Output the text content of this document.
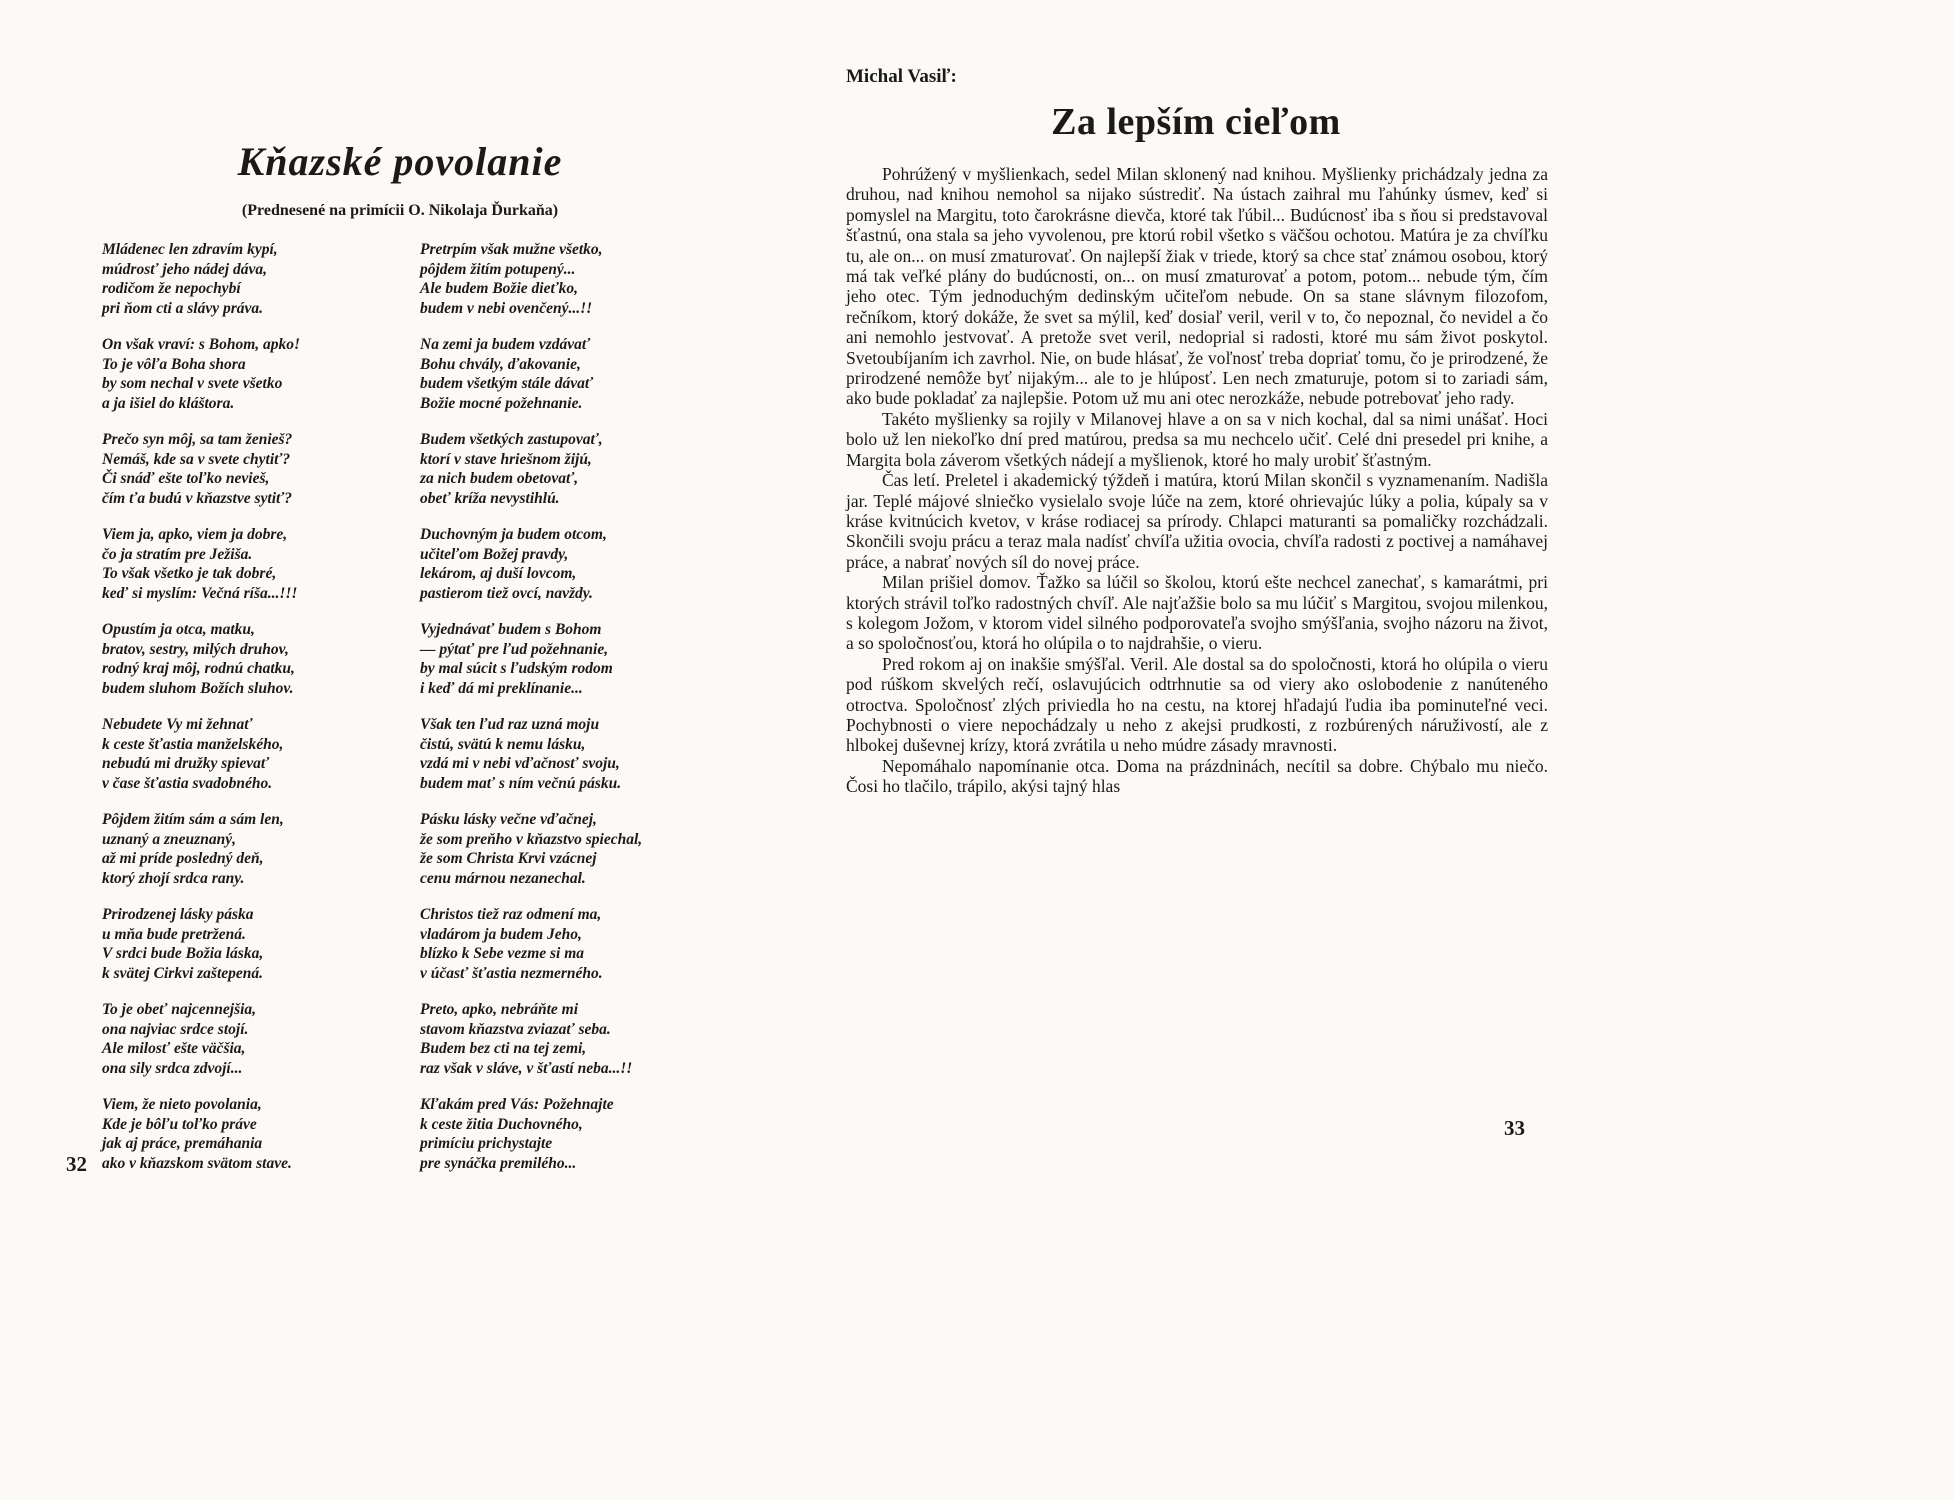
Kňazské povolanie
(Prednesené na primícii O. Nikolaja Ďurkaňa)

Mládenec len zdravím kypí,
múdrosť jeho nádej dáva,
rodičom že nepochybí
pri ňom cti a slávy práva.

On však vraví: s Bohom, apko!
To je vôľa Boha shora
by som nechal v svete všetko
a ja išiel do kláštora.

Prečo syn môj, sa tam ženieš?
Nemáš, kde sa v svete chytiť?
Či snáď ešte toľko nevieš,
čím ťa budú v kňazstve sytiť?

Viem ja, apko, viem ja dobre,
čo ja stratím pre Ježiša.
To však všetko je tak dobré,
keď si myslím: Večná ríša...!!!

Opustím ja otca, matku,
bratov, sestry, milých druhov,
rodný kraj môj, rodnú chatku,
budem sluhom Božích sluhov.

Nebudete Vy mi žehnať
k ceste šťastia manželského,
nebudú mi družky spievať
v čase šťastia svadobného.

Pôjdem žitím sám a sám len,
uznaný a zneuznaný,
až mi príde posledný deň,
ktorý zhojí srdca rany.

Prirodzenej lásky páska
u mňa bude pretržená.
V srdci bude Božia láska,
k svätej Cirkvi zaštepená.

To je obeť najcennejšia,
ona najviac srdce stojí.
Ale milosť ešte väčšia,
ona sily srdca zdvojí...

Viem, že nieto povolania,
Kde je bôľu toľko práve
jak aj práce, premáhania
ako v kňazskom svätom stave.

Pretrpím však mužne všetko,
pôjdem žitím potupený...
Ale budem Božie dieťko,
budem v nebi ovenčený...!!

Na zemi ja budem vzdávať
Bohu chvály, ďakovanie,
budem všetkým stále dávať
Božie mocné požehnanie.

Budem všetkých zastupovať,
ktorí v stave hriešnom žijú,
za nich budem obetovať,
obeť kríža nevystihlú.

Duchovným ja budem otcom,
učiteľom Božej pravdy,
lekárom, aj duší lovcom,
pastierom tiež ovcí, navždy.

Vyjednávať budem s Bohom
— pýtať pre ľud požehnanie,
by mal súcit s ľudským rodom
i keď dá mi preklínanie...

Však ten ľud raz uzná moju
čistú, svätú k nemu lásku,
vzdá mi v nebi vďačnosť svoju,
budem mať s ním večnú pásku.

Pásku lásky večne vďačnej,
že som preňho v kňazstvo spiechal,
že som Christa Krvi vzácnej
cenu márnou nezanechal.

Christos tiež raz odmení ma,
vladárom ja budem Jeho,
blízko k Sebe vezme si ma
v účasť šťastia nezmerného.

Preto, apko, nebráňte mi
stavom kňazstva zviazať seba.
Budem bez cti na tej zemi,
raz však v sláve, v šťastí neba...!!

Kľakám pred Vás: Požehnajte
k ceste žitia Duchovného,
primíciu prichystajte
pre synáčka premilého...

32
Michal Vasiľ:
Za lepším cieľom

Pohrúžený v myšlienkach, sedel Milan sklonený nad knihou. Myšlienky prichádzaly jedna za druhou, nad knihou nemohol sa nijako sústrediť. Na ústach zaihral mu ľahúnky úsmev, keď si pomyslel na Margitu, toto čarokrásne dievča, ktoré tak ľúbil... Budúcnosť iba s ňou si predstavoval šťastnú, ona stala sa jeho vyvolenou, pre ktorú robil všetko s väčšou ochotou. Matúra je za chvíľku tu, ale on... on musí zmaturovať. On najlepší žiak v triede, ktorý sa chce stať známou osobou, ktorý má tak veľké plány do budúcnosti, on... on musí zmaturovať a potom, potom... nebude tým, čím jeho otec. Tým jednoduchým dedinským učiteľom nebude. On sa stane slávnym filozofom, rečníkom, ktorý dokáže, že svet sa mýlil, keď dosiaľ veril, veril v to, čo nepoznal, čo nevidel a čo ani nemohlo jestvovať. A pretože svet veril, nedoprial si radosti, ktoré mu sám život poskytol. Svetoubíjaním ich zavrhol. Nie, on bude hlásať, že voľnosť treba dopriať tomu, čo je prirodzené, že prirodzené nemôže byť nijakým... ale to je hlúposť. Len nech zmaturuje, potom si to zariadi sám, ako bude pokladať za najlepšie. Potom už mu ani otec nerozkáže, nebude potrebovať jeho rady.

Takéto myšlienky sa rojily v Milanovej hlave a on sa v nich kochal, dal sa nimi unášať. Hoci bolo už len niekoľko dní pred matúrou, predsa sa mu nechcelo učiť. Celé dni presedel pri knihe, a Margita bola záverom všetkých nádejí a myšlienok, ktoré ho maly urobiť šťastným.

Čas letí. Preletel i akademický týždeň i matúra, ktorú Milan skončil s vyznamenaním. Nadišla jar. Teplé májové slniečko vysielalo svoje lúče na zem, ktoré ohrievajúc lúky a polia, kúpaly sa v kráse kvitnúcich kvetov, v kráse rodiacej sa prírody. Chlapci maturanti sa pomaličky rozchádzali. Skončili svoju prácu a teraz mala nadísť chvíľa užitia ovocia, chvíľa radosti z poctivej a namáhavej práce, a nabrať nových síl do novej práce.

Milan prišiel domov. Ťažko sa lúčil so školou, ktorú ešte nechcel zanechať, s kamarátmi, pri ktorých strávil toľko radostných chvíľ. Ale najťažšie bolo sa mu lúčiť s Margitou, svojou milenkou, s kolegom Jožom, v ktorom videl silného podporovateľa svojho smýšľania, svojho názoru na život, a so spoločnosťou, ktorá ho olúpila o to najdrahšie, o vieru.

Pred rokom aj on inakšie smýšľal. Veril. Ale dostal sa do spoločnosti, ktorá ho olúpila o vieru pod rúškom skvelých rečí, oslavujúcich odtrhnutie sa od viery ako oslobodenie z nanúteného otroctva. Spoločnosť zlých priviedla ho na cestu, na ktorej hľadajú ľudia iba pominuteľné veci. Pochybnosti o viere nepochádzaly u neho z akejsi prudkosti, z rozbúrených náruživostí, ale z hlbokej duševnej krízy, ktorá zvrátila u neho múdre zásady mravnosti.

Nepomáhalo napomínanie otca. Doma na prázdninách, necítil sa dobre. Chýbalo mu niečo. Čosi ho tlačilo, trápilo, akýsi tajný hlas

33
